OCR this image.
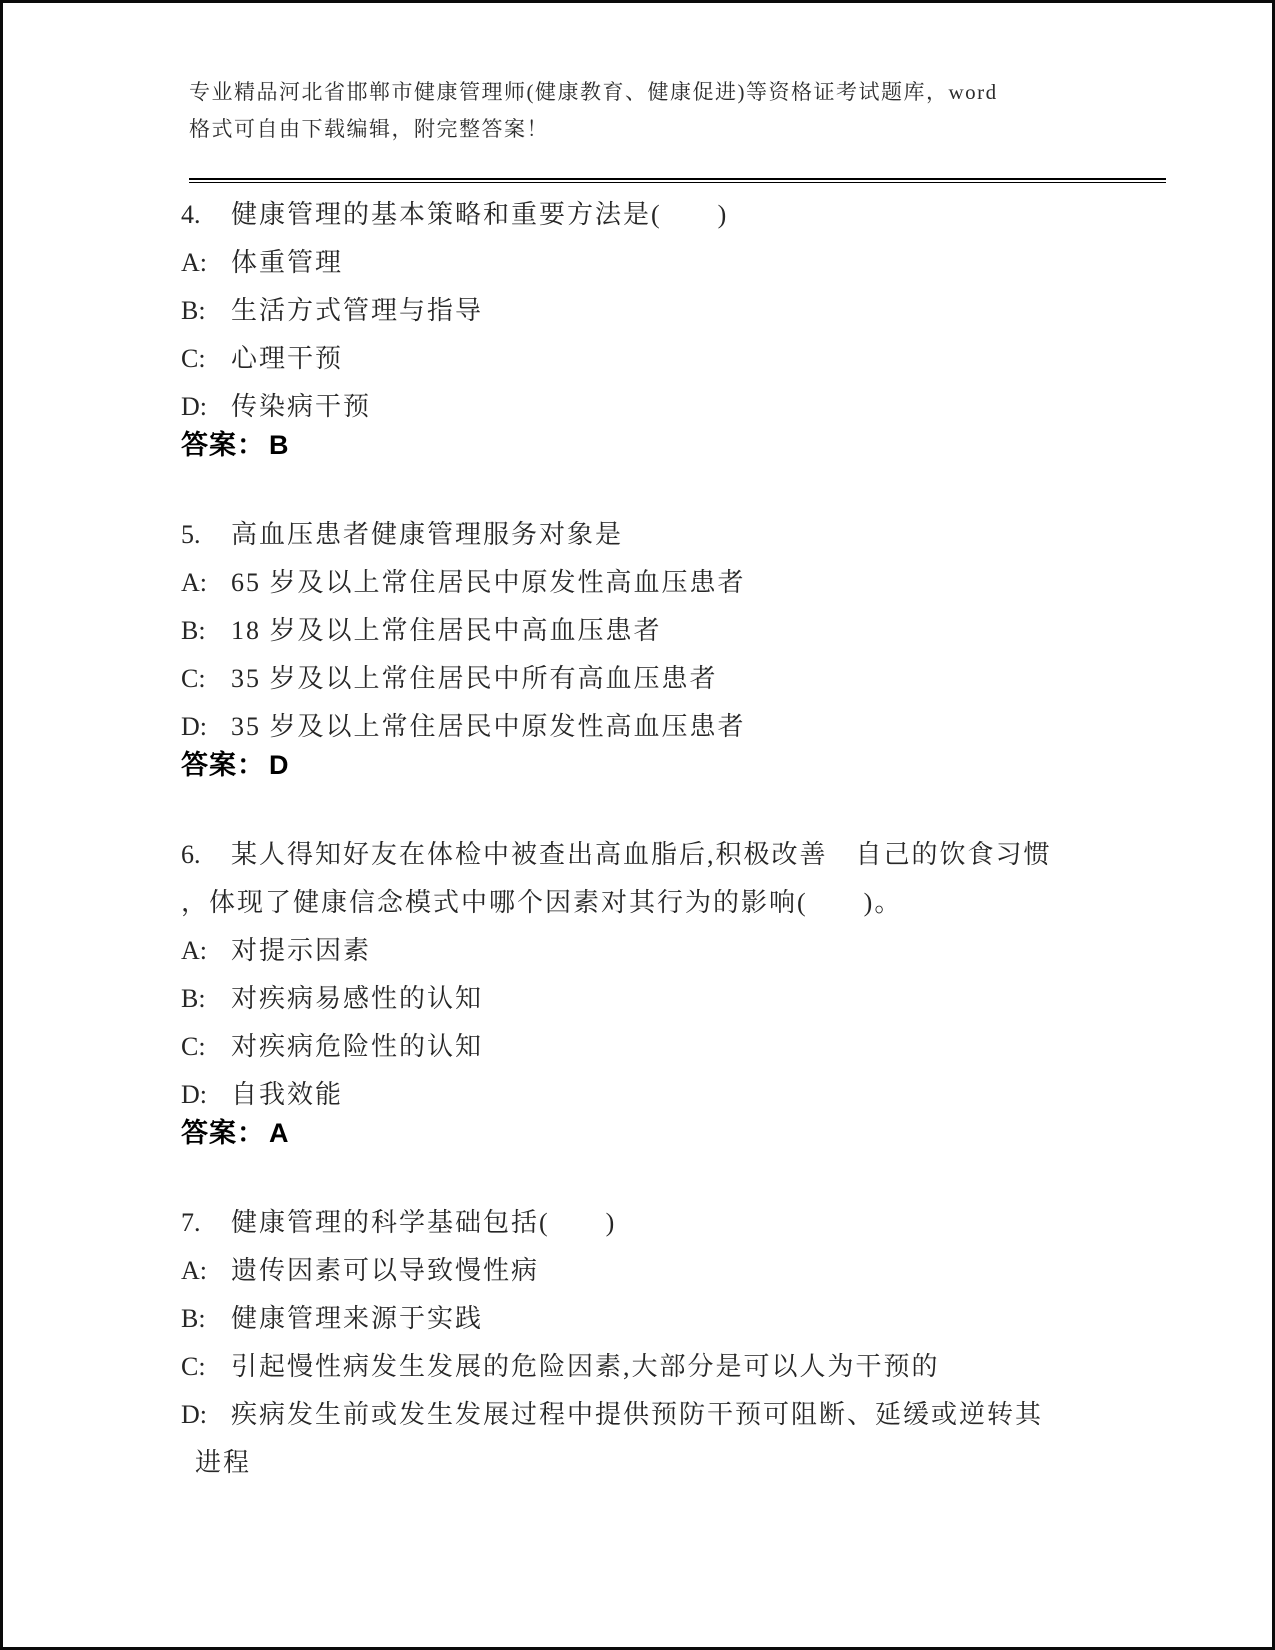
专业精品河北省邯郸市健康管理师(健康教育、健康促进)等资格证考试题库，word
格式可自由下载编辑，附完整答案！
4. 健康管理的基本策略和重要方法是(　　)
A: 体重管理
B: 生活方式管理与指导
C: 心理干预
D: 传染病干预
答案： B
5. 高血压患者健康管理服务对象是
A: 65 岁及以上常住居民中原发性高血压患者
B: 18 岁及以上常住居民中高血压患者
C: 35 岁及以上常住居民中所有高血压患者
D: 35 岁及以上常住居民中原发性高血压患者
答案： D
6. 某人得知好友在体检中被查出高血脂后,积极改善　自己的饮食习惯
，体现了健康信念模式中哪个因素对其行为的影响(　　)。
A: 对提示因素
B: 对疾病易感性的认知
C: 对疾病危险性的认知
D: 自我效能
答案： A
7. 健康管理的科学基础包括(　　)
A: 遗传因素可以导致慢性病
B: 健康管理来源于实践
C: 引起慢性病发生发展的危险因素,大部分是可以人为干预的
D: 疾病发生前或发生发展过程中提供预防干预可阻断、延缓或逆转其
进程
